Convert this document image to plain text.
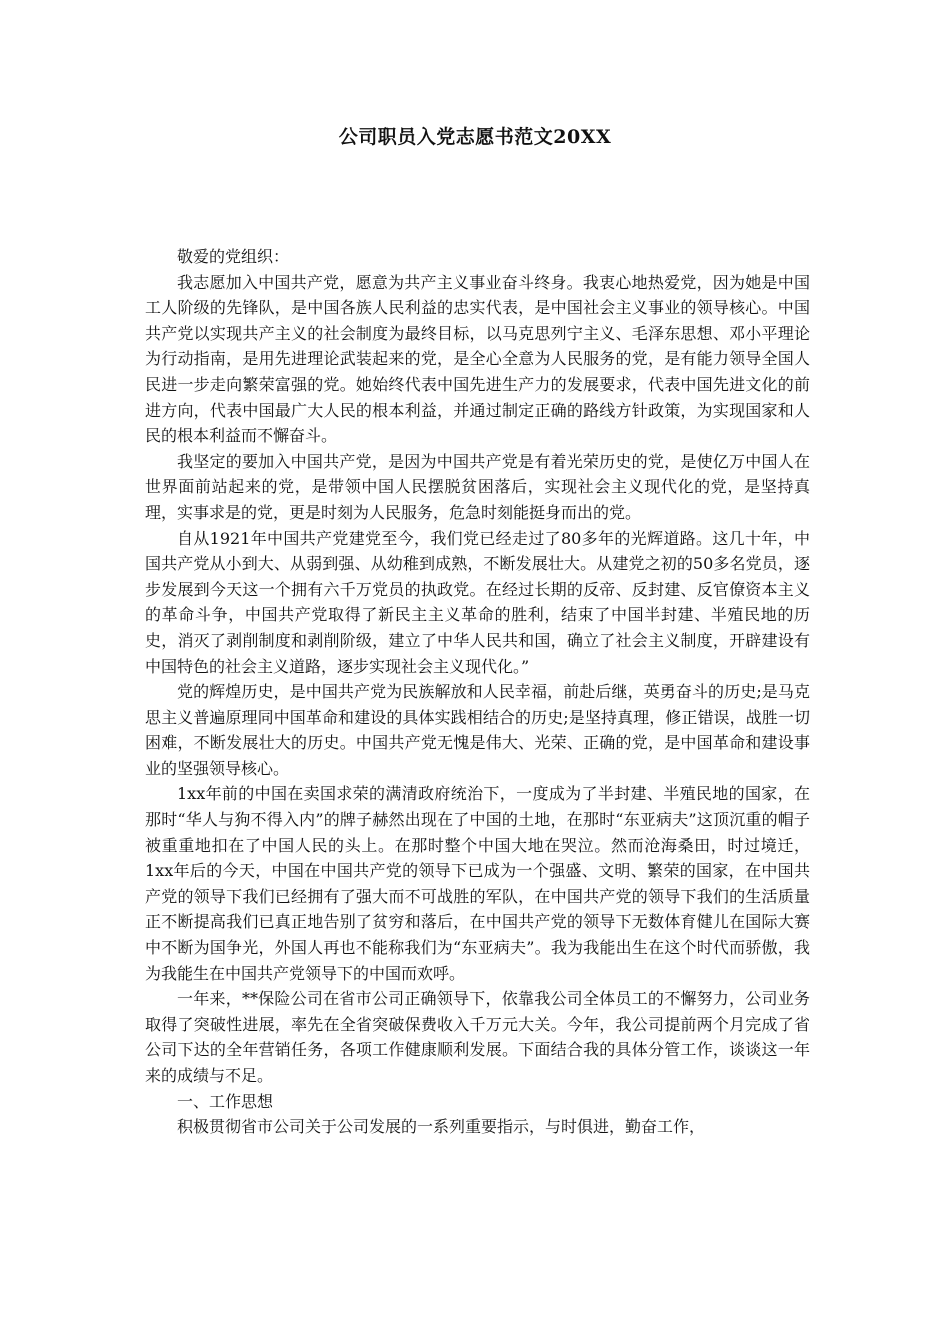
公司职员入党志愿书范文20XX

敬爱的党组织：

我志愿加入中国共产党，愿意为共产主义事业奋斗终身。我衷心地热爱党，因为她是中国工人阶级的先锋队，是中国各族人民利益的忠实代表，是中国社会主义事业的领导核心。中国共产党以实现共产主义的社会制度为最终目标，以马克思列宁主义、毛泽东思想、邓小平理论为行动指南，是用先进理论武装起来的党，是全心全意为人民服务的党，是有能力领导全国人民进一步走向繁荣富强的党。她始终代表中国先进生产力的发展要求，代表中国先进文化的前进方向，代表中国最广大人民的根本利益，并通过制定正确的路线方针政策，为实现国家和人民的根本利益而不懈奋斗。

我坚定的要加入中国共产党，是因为中国共产党是有着光荣历史的党，是使亿万中国人在世界面前站起来的党，是带领中国人民摆脱贫困落后，实现社会主义现代化的党，是坚持真理，实事求是的党，更是时刻为人民服务，危急时刻能挺身而出的党。

自从1921年中国共产党建党至今，我们党已经走过了80多年的光辉道路。这几十年，中国共产党从小到大、从弱到强、从幼稚到成熟，不断发展壮大。从建党之初的50多名党员，逐步发展到今天这一个拥有六千万党员的执政党。在经过长期的反帝、反封建、反官僚资本主义的革命斗争，中国共产党取得了新民主主义革命的胜利，结束了中国半封建、半殖民地的历史，消灭了剥削制度和剥削阶级，建立了中华人民共和国，确立了社会主义制度，开辟建设有中国特色的社会主义道路，逐步实现社会主义现代化。”

党的辉煌历史，是中国共产党为民族解放和人民幸福，前赴后继，英勇奋斗的历史;是马克思主义普遍原理同中国革命和建设的具体实践相结合的历史;是坚持真理，修正错误，战胜一切困难，不断发展壮大的历史。中国共产党无愧是伟大、光荣、正确的党，是中国革命和建设事业的坚强领导核心。

1xx年前的中国在卖国求荣的满清政府统治下，一度成为了半封建、半殖民地的国家，在那时“华人与狗不得入内”的牌子赫然出现在了中国的土地，在那时“东亚病夫”这顶沉重的帽子被重重地扣在了中国人民的头上。在那时整个中国大地在哭泣。然而沧海桑田，时过境迁，1xx年后的今天，中国在中国共产党的领导下已成为一个强盛、文明、繁荣的国家，在中国共产党的领导下我们已经拥有了强大而不可战胜的军队，在中国共产党的领导下我们的生活质量正不断提高我们已真正地告别了贫穷和落后，在中国共产党的领导下无数体育健儿在国际大赛中不断为国争光，外国人再也不能称我们为“东亚病夫”。我为我能出生在这个时代而骄傲，我为我能生在中国共产党领导下的中国而欢呼。

一年来，**保险公司在省市公司正确领导下，依靠我公司全体员工的不懈努力，公司业务取得了突破性进展，率先在全省突破保费收入千万元大关。今年，我公司提前两个月完成了省公司下达的全年营销任务，各项工作健康顺利发展。下面结合我的具体分管工作，谈谈这一年来的成绩与不足。

一、工作思想

积极贯彻省市公司关于公司发展的一系列重要指示，与时俱进，勤奋工作，
